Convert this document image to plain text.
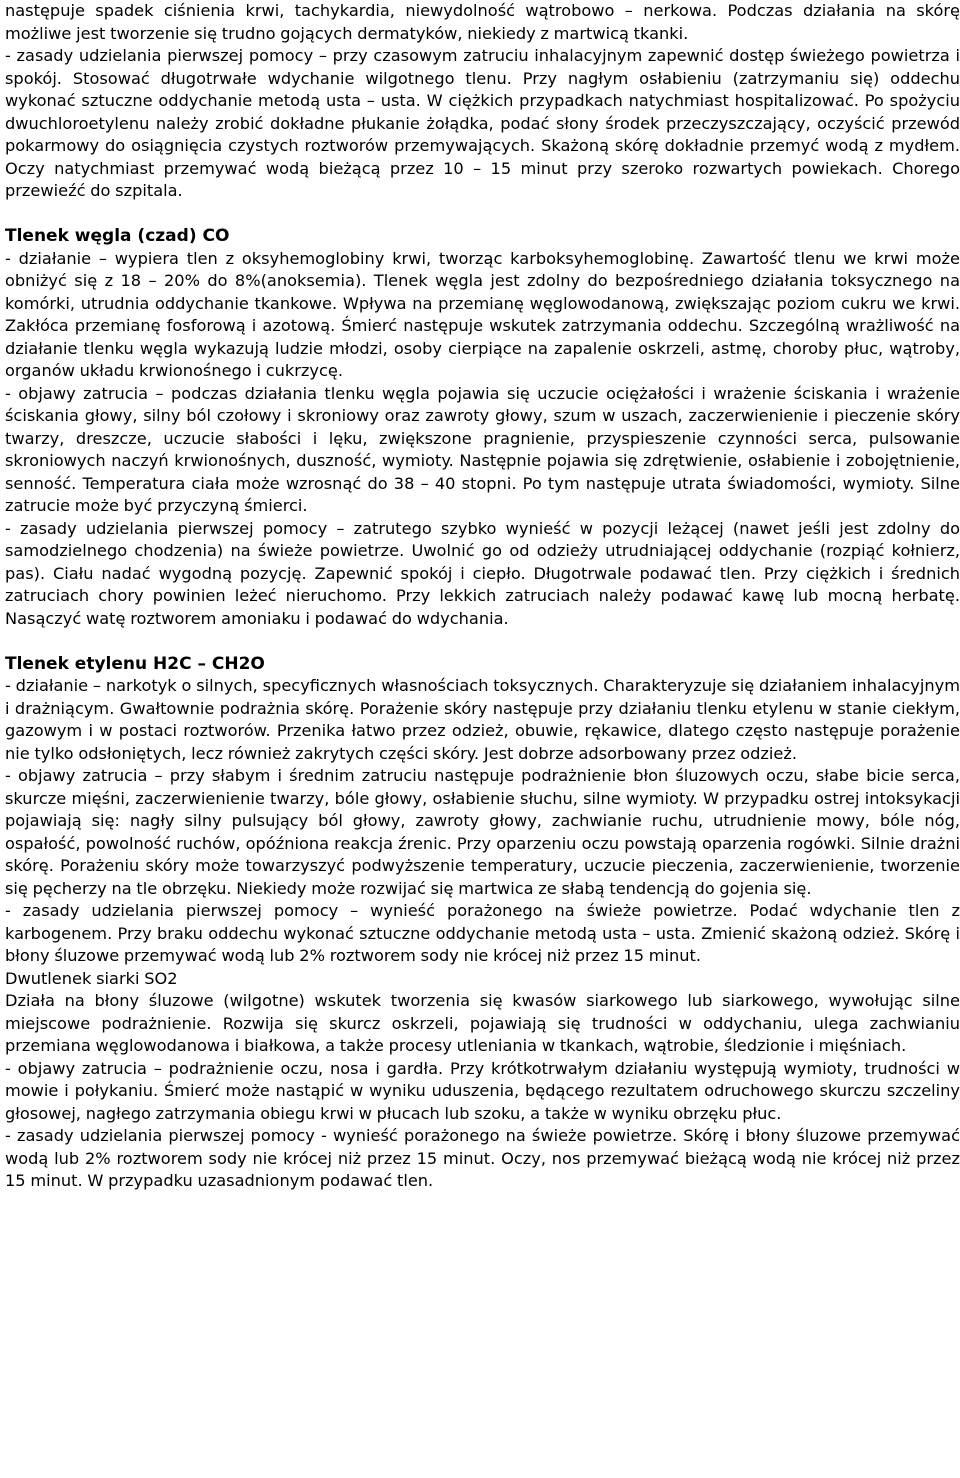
następuje spadek ciśnienia krwi, tachykardia, niewydolność wątrobowo – nerkowa. Podczas działania na skórę możliwe jest tworzenie się trudno gojących dermatyków, niekiedy z martwicą tkanki.

- zasady udzielania pierwszej pomocy – przy czasowym zatruciu inhalacyjnym zapewnić dostęp świeżego powietrza i spokój. Stosować długotrwałe wdychanie wilgotnego tlenu. Przy nagłym osłabieniu (zatrzymaniu się) oddechu wykonać sztuczne oddychanie metodą usta – usta. W ciężkich przypadkach natychmiast hospitalizować. Po spożyciu dwuchloroetylenu należy zrobić dokładne płukanie żołądka, podać słony środek przeczyszczający, oczyścić przewód pokarmowy do osiągnięcia czystych roztworów przemywających. Skażoną skórę dokładnie przemyć wodą z mydłem. Oczy natychmiast przemywać wodą bieżącą przez 10 – 15 minut przy szeroko rozwartych powiekach. Chorego przewieźć do szpitala.

Tlenek węgla (czad) CO

- działanie – wypiera tlen z oksyhemoglobiny krwi, tworząc karboksyhemoglobinę. Zawartość tlenu we krwi może obniżyć się z 18 – 20% do 8%(anoksemia). Tlenek węgla jest zdolny do bezpośredniego działania toksycznego na komórki, utrudnia oddychanie tkankowe. Wpływa na przemianę węglowodanową, zwiększając poziom cukru we krwi. Zakłóca przemianę fosforową i azotową. Śmierć następuje wskutek zatrzymania oddechu. Szczególną wrażliwość na działanie tlenku węgla wykazują ludzie młodzi, osoby cierpiące na zapalenie oskrzeli, astmę, choroby płuc, wątroby, organów układu krwionośnego i cukrzycę.

- objawy zatrucia – podczas działania tlenku węgla pojawia się uczucie ociężałości i wrażenie ściskania i wrażenie ściskania głowy, silny ból czołowy i skroniowy oraz zawroty głowy, szum w uszach, zaczerwienienie i pieczenie skóry twarzy, dreszcze, uczucie słabości i lęku, zwiększone pragnienie, przyspieszenie czynności serca, pulsowanie skroniowych naczyń krwionośnych, duszność, wymioty. Następnie pojawia się zdrętwienie, osłabienie i zobojętnienie, senność. Temperatura ciała może wzrosnąć do 38 – 40 stopni. Po tym następuje utrata świadomości, wymioty. Silne zatrucie może być przyczyną śmierci.

- zasady udzielania pierwszej pomocy – zatrutego szybko wynieść w pozycji leżącej (nawet jeśli jest zdolny do samodzielnego chodzenia) na świeże powietrze. Uwolnić go od odzieży utrudniającej oddychanie (rozpiąć kołnierz, pas). Ciału nadać wygodną pozycję. Zapewnić spokój i ciepło. Długotrwale podawać tlen. Przy ciężkich i średnich zatruciach chory powinien leżeć nieruchomo. Przy lekkich zatruciach należy podawać kawę lub mocną herbatę. Nasączyć watę roztworem amoniaku i podawać do wdychania.

Tlenek etylenu H2C – CH2O

- działanie – narkotyk o silnych, specyficznych własnościach toksycznych. Charakteryzuje się działaniem inhalacyjnym i drażniącym. Gwałtownie podrażnia skórę. Porażenie skóry następuje przy działaniu tlenku etylenu w stanie ciekłym, gazowym i w postaci roztworów. Przenika łatwo przez odzież, obuwie, rękawice, dlatego często następuje porażenie nie tylko odsłoniętych, lecz również zakrytych części skóry. Jest dobrze adsorbowany przez odzież.

- objawy zatrucia – przy słabym i średnim zatruciu następuje podrażnienie błon śluzowych oczu, słabe bicie serca, skurcze mięśni, zaczerwienienie twarzy, bóle głowy, osłabienie słuchu, silne wymioty. W przypadku ostrej intoksykacji pojawiają się: nagły silny pulsujący ból głowy, zawroty głowy, zachwianie ruchu, utrudnienie mowy, bóle nóg, ospałość, powolność ruchów, opóźniona reakcja źrenic. Przy oparzeniu oczu powstają oparzenia rogówki. Silnie drażni skórę. Porażeniu skóry może towarzyszyć podwyższenie temperatury, uczucie pieczenia, zaczerwienienie, tworzenie się pęcherzy na tle obrzęku. Niekiedy może rozwijać się martwica ze słabą tendencją do gojenia się.

- zasady udzielania pierwszej pomocy – wynieść porażonego na świeże powietrze. Podać wdychanie tlen z karbogenem. Przy braku oddechu wykonać sztuczne oddychanie metodą usta – usta. Zmienić skażoną odzież. Skórę i błony śluzowe przemywać wodą lub 2% roztworem sody nie krócej niż przez 15 minut.

Dwutlenek siarki SO2

Działa na błony śluzowe (wilgotne) wskutek tworzenia się kwasów siarkowego lub siarkowego, wywołując silne miejscowe podrażnienie. Rozwija się skurcz oskrzeli, pojawiają się trudności w oddychaniu, ulega zachwianiu przemiana węglowodanowa i białkowa, a także procesy utleniania w tkankach, wątrobie, śledzionie i mięśniach.

- objawy zatrucia – podrażnienie oczu, nosa i gardła. Przy krótkotrwałym działaniu występują wymioty, trudności w mowie i połykaniu. Śmierć może nastąpić w wyniku uduszenia, będącego rezultatem odruchowego skurczu szczeliny głosowej, nagłego zatrzymania obiegu krwi w płucach lub szoku, a także w wyniku obrzęku płuc.

- zasady udzielania pierwszej pomocy - wynieść porażonego na świeże powietrze. Skórę i błony śluzowe przemywać wodą lub 2% roztworem sody nie krócej niż przez 15 minut. Oczy, nos przemywać bieżącą wodą nie krócej niż przez 15 minut. W przypadku uzasadnionym podawać tlen.
